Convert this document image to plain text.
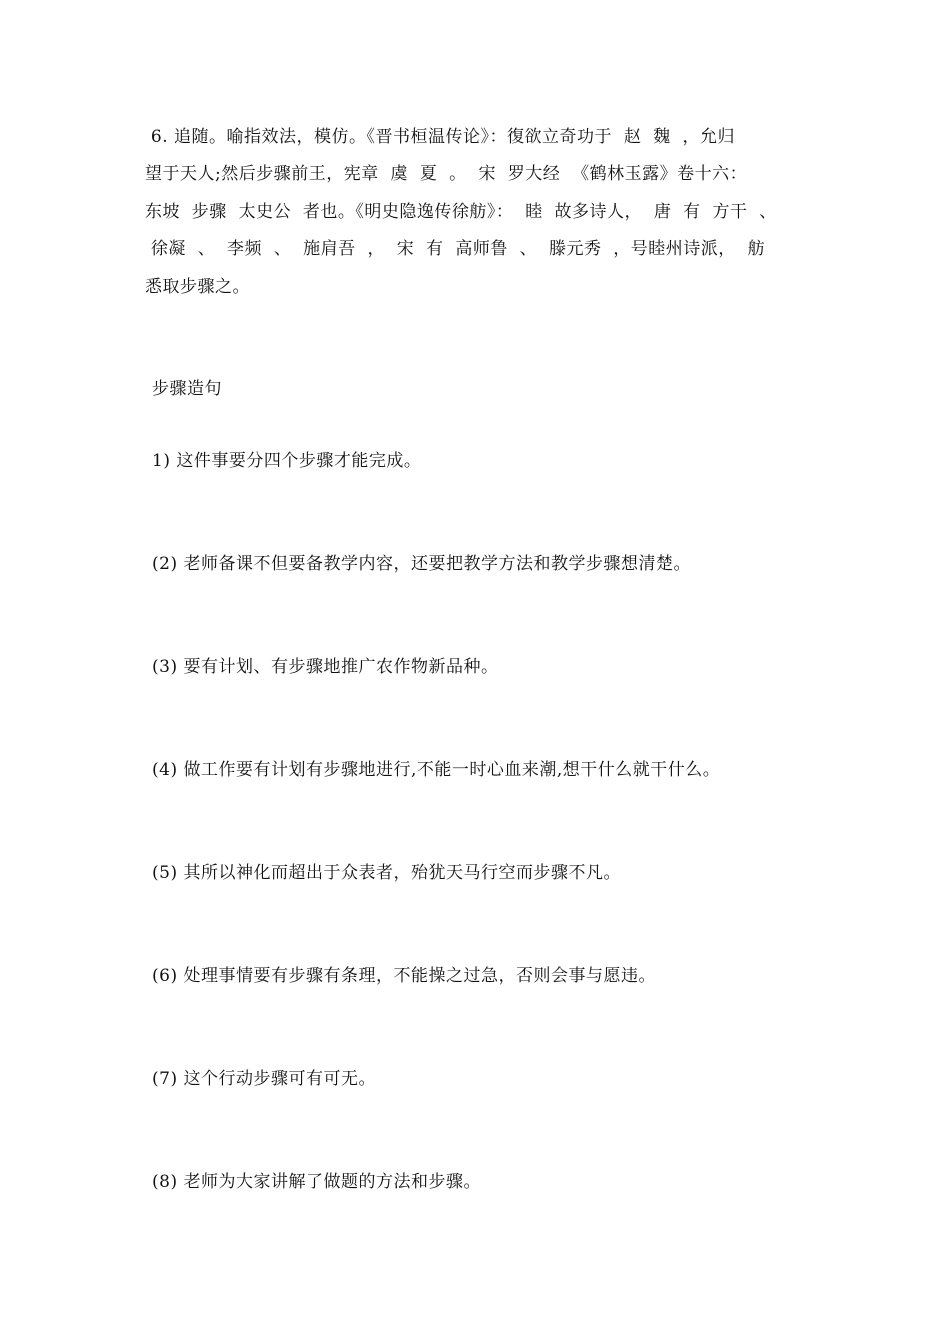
6. 追随。喻指效法，模仿。《晋书桓温传论》：復欲立奇功于  赵  魏  ，允归
望于天人;然后步骤前王，宪章  虞  夏  。  宋  罗大经  《鹤林玉露》卷十六：
东坡  步骤  太史公  者也。《明史隐逸传徐舫》：  睦  故多诗人，  唐  有  方干  、
徐凝  、  李频  、  施肩吾  ，  宋  有  高师鲁  、  滕元秀  ，号睦州诗派，  舫
悉取步骤之。
步骤造句
1) 这件事要分四个步骤才能完成。
(2) 老师备课不但要备教学内容，还要把教学方法和教学步骤想清楚。
(3) 要有计划、有步骤地推广农作物新品种。
(4) 做工作要有计划有步骤地进行,不能一时心血来潮,想干什么就干什么。
(5) 其所以神化而超出于众表者，殆犹天马行空而步骤不凡。
(6) 处理事情要有步骤有条理，不能操之过急，否则会事与愿违。
(7) 这个行动步骤可有可无。
(8) 老师为大家讲解了做题的方法和步骤。
